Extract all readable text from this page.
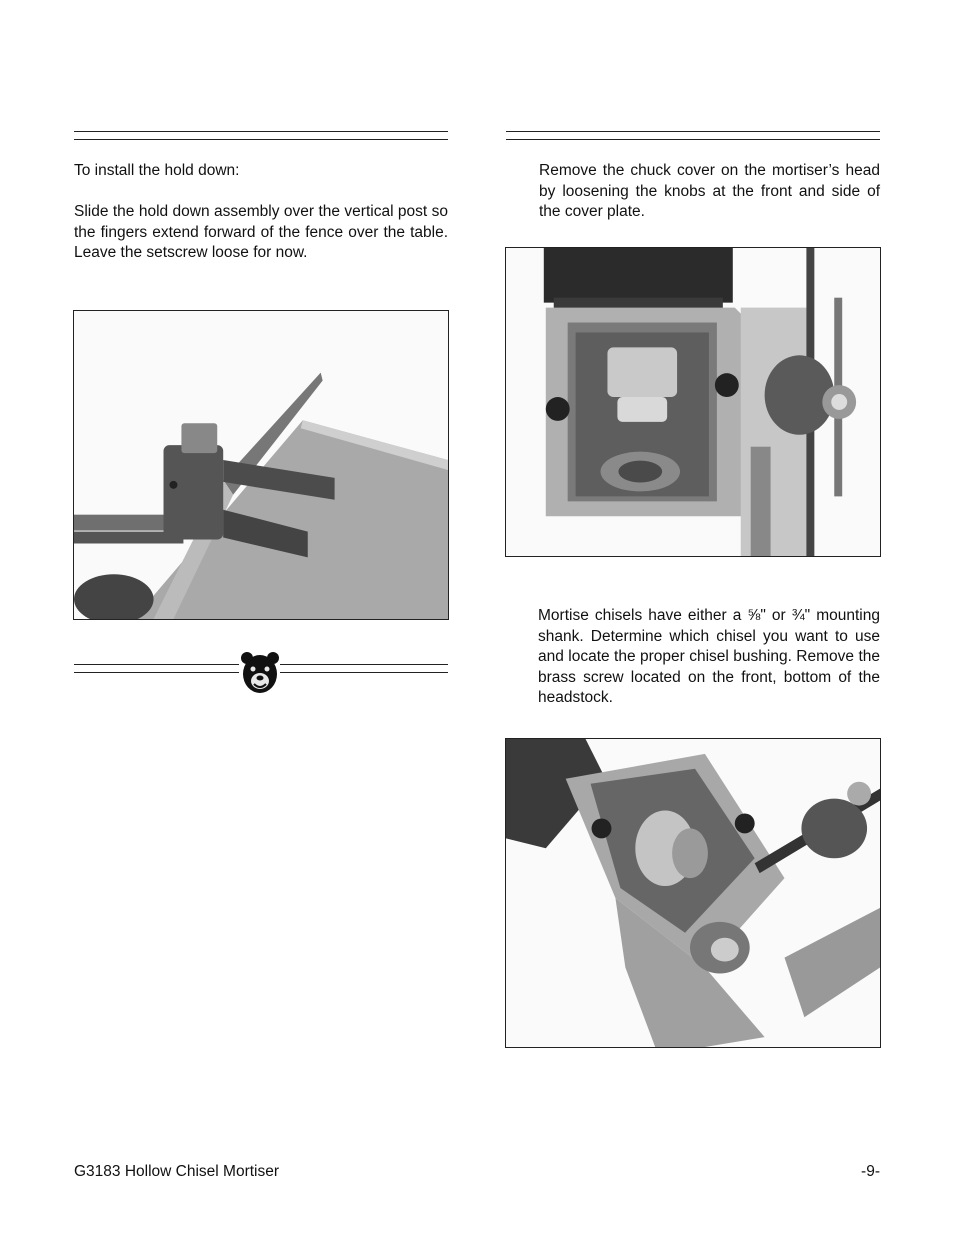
To install the hold down:

Slide the hold down assembly over the vertical post so the fingers extend forward of the fence over the table. Leave the setscrew loose for now.

Remove the chuck cover on the mortiser’s head by loosening the knobs at the front and side of the cover plate.

Mortise chisels have either a ⅝" or ¾" mounting shank. Determine which chisel you want to use and locate the proper chisel bushing. Remove the brass screw located on the front, bottom of the headstock.

G3183 Hollow Chisel Mortiser	-9-
